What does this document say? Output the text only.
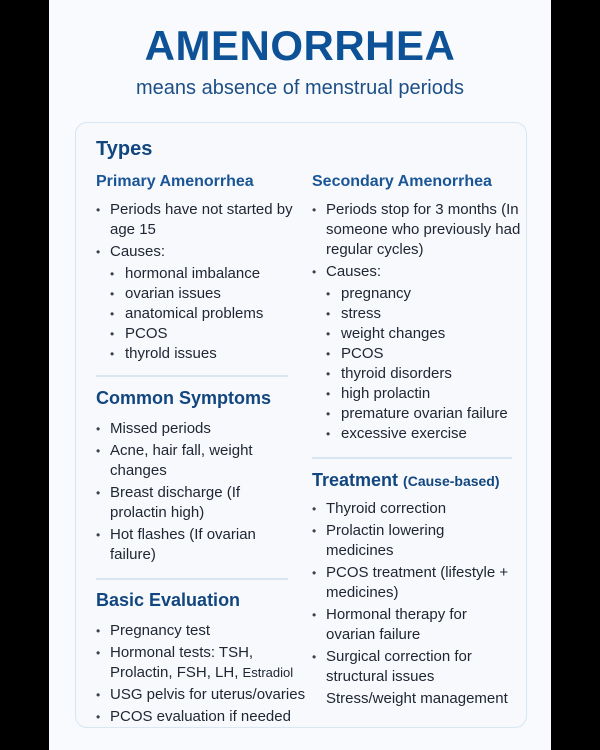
AMENORRHEA
means absence of menstrual periods
Types
Primary Amenorrhea
• Periods have not started by age 15
• Causes:
• hormonal imbalance
• ovarian issues
• anatomical problems
• PCOS
• thyrold issues
Secondary Amenorrhea
• Periods stop for 3 months (In someone who previously had regular cycles)
• Causes:
• pregnancy
• stress
• weight changes
• PCOS
• thyroid disorders
• high prolactin
• premature ovarian failure
• excessive exercise
Common Symptoms
• Missed periods
• Acne, hair fall, weight changes
• Breast discharge (If prolactin high)
• Hot flashes (If ovarian failure)
Basic Evaluation
• Pregnancy test
• Hormonal tests: TSH, Prolactin, FSH, LH, Estradiol
• USG pelvis for uterus/ovaries
• PCOS evaluation if needed
Treatment (Cause-based)
• Thyroid correction
• Prolactin lowering medicines
• PCOS treatment (lifestyle + medicines)
• Hormonal therapy for ovarian failure
• Surgical correction for structural issues
Stress/weight management
